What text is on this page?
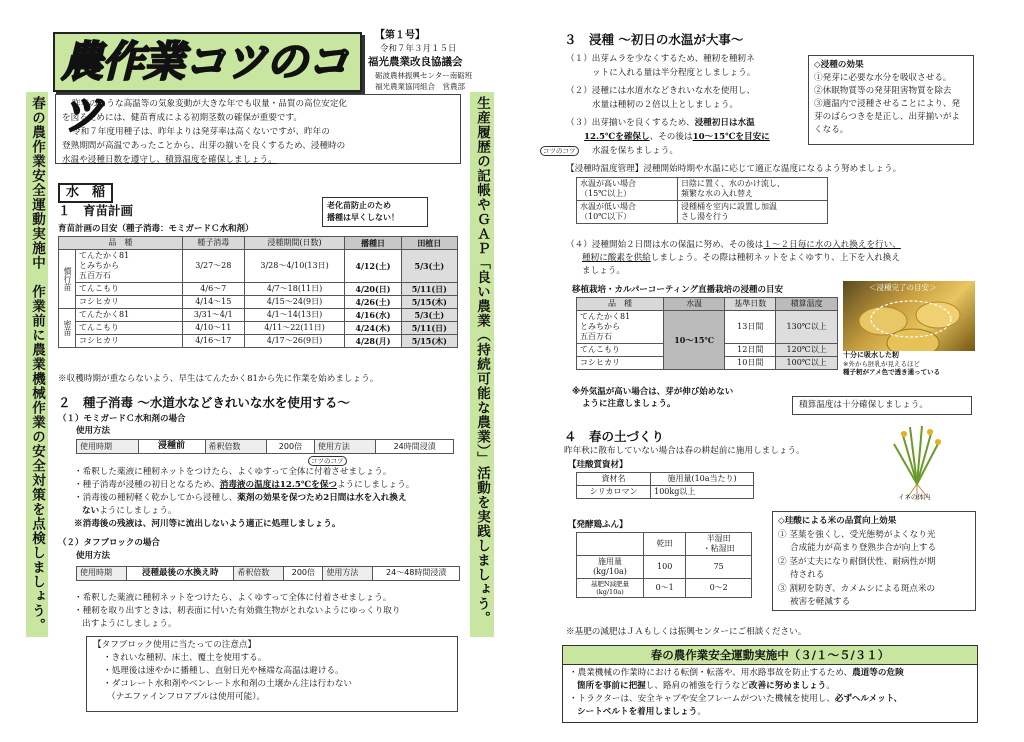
農作業コツのコツ
【第１号】
令和７年３月１５日
福光農業改良協議会
砺波農林振興センター南砺班
福光農業協同組合　営農部
春の農作業安全運動実施中　作業前に農業機械作業の安全対策を点検しましょう。	生産履歴の記帳やＧＡＰ「良い農業（持続可能な農業）」活動を実践しましょう。
昨年のような高温等の気象変動が大きな年でも収量・品質の高位安定化
を図るためには、健苗育成による初期茎数の確保が重要です。
令和７年度用種子は、昨年よりは発芽率は高くないですが、昨年の
登熟期間が高温であったことから、出芽の揃いを良くするため、浸種時の
水温や浸種日数を遵守し、積算温度を確保しましょう。
水　稲
１　育苗計画	老化苗防止のため
播種は早くしない！
育苗計画の目安（種子消毒：モミガードＣ水和剤）
品　種		種子消毒	浸種期間(日数)	播種日	田植日
慣行苗	てんたかく81
とみちから
五百万石	3/27～28	3/28～4/10(13日)	4/12(土)	5/3(土)
	てんこもり	4/6～7	4/7～18(11日)	4/20(日)	5/11(日)
	コシヒカリ	4/14～15	4/15～24(9日)	4/26(土)	5/15(木)
密苗	てんたかく81	3/31～4/1	4/1～14(13日)	4/16(水)	5/3(土)
	てんこもり	4/10～11	4/11～22(11日)	4/24(木)	5/11(日)
	コシヒカリ	4/16～17	4/17～26(9日)	4/28(月)	5/15(木)
※収穫時期が重ならないよう、早生はてんたかく81から先に作業を始めましょう。
２　種子消毒 ～水道水などきれいな水を使用する～
（１）モミガードＣ水和剤の場合
使用方法
使用時期	浸種前	希釈倍数	200倍	使用方法	24時間浸漬
コツのコツ
・希釈した薬液に種籾ネットをつけたら、よくゆすって全体に付着させましょう。
・種子消毒が浸種の初日となるため、消毒液の温度は12.5℃を保つようにしましょう。
・消毒後の種籾軽く乾かしてから浸種し、薬剤の効果を保つため2日間は水を入れ換え
ないようにしましょう。
※消毒後の残液は、河川等に流出しないよう適正に処理しましょう。
（２）タフブロックの場合
使用方法
使用時期	浸種最後の水換え時	希釈倍数	200倍	使用方法	24～48時間浸漬
・希釈した薬液に種籾ネットをつけたら、よくゆすって全体に付着させましょう。
・種籾を取り出すときは、籾表面に付いた有効微生物がとれないようにゆっくり取り
出すようにしましょう。
【タフブロック使用に当たっての注意点】
・きれいな種籾、床土、覆土を使用する。
・処理後は速やかに播種し、直射日光や極端な高温は避ける。
・ダコレート水和剤やベンレート水和剤の土壌かん注は行わない
（ナエファインフロアブルは使用可能）。
３　浸種 ～初日の水温が大事～
（１）出芽ムラを少なくするため、種籾を種籾ネ
ットに入れる量は半分程度としましょう。
（２）浸種には水道水などきれいな水を使用し、
水量は種籾の２倍以上としましょう。
（３）出芽揃いを良くするため、浸種初日は水温
12.5℃を確保し、その後は10～15℃を目安に
水温を保ちましょう。
コツのコツ
◇浸種の効果
①発芽に必要な水分を吸収させる。
②休眠物質等の発芽阻害物質を除去
③適温内で浸種させることにより、発
芽のばらつきを是正し、出芽揃いがよ
くなる。
【浸種時温度管理】浸種開始時期や水温に応じて適正な温度になるよう努めましょう。
水温が高い場合
（15℃以上）	日陰に置く、水のかけ流し、
頻繁な水の入れ替え
水温が低い場合
（10℃以下）	浸種桶を室内に設置し加温
さし湯を行う
（４）浸種開始２日間は水の保温に努め、その後は１～２日毎に水の入れ換えを行い、
種籾に酸素を供給しましょう。その際は種籾ネットをよくゆすり、上下を入れ換え
ましょう。
移植栽培・カルパーコーティング直播栽培の浸種の目安
品　種	水温	基準日数	積算温度
てんたかく81
とみちから
五百万石	10～15℃	13日間	130℃以上
てんこもり		12日間	120℃以上
コシヒカリ		10日間	100℃以上
※外気温が高い場合は、芽が伸び始めない
ように注意しましょう。
＜浸種完了の目安＞
十分に吸水した籾
※外から胚乳が見えるほど
種子籾がアメ色で透き通っている
積算温度は十分確保しましょう。
４　春の土づくり
昨年秋に散布していない場合は春の耕起前に施用しましょう。
【珪酸質資材】
資材名	施用量(10a当たり)
シリカロマン	100kg以上
イネの体内
【発酵鶏ふん】
	乾田	半湿田
・粘湿田
施用量
(kg/10a)	100	75
基肥N減肥量
(kg/10a)	0～1	0～2
◇珪酸による米の品質向上効果
① 茎葉を強くし、受光態勢がよくなり光
合成能力が高まり登熟歩合が向上する
② 茎が丈夫になり耐倒伏性、耐病性が期
待される
③ 割籾を防ぎ、カメムシによる斑点米の
被害を軽減する
※基肥の減肥はＪＡもしくは振興センターにご相談ください。
春の農作業安全運動実施中（３/１～５/３１）
・農業機械の作業時における転倒・転落や、用水路事故を防止するため、農道等の危険
箇所を事前に把握し、路肩の補強を行うなど改善に努めましょう。
・トラクターは、安全キャブや安全フレームがついた機械を使用し、必ずヘルメット、
シートベルトを着用しましょう。
